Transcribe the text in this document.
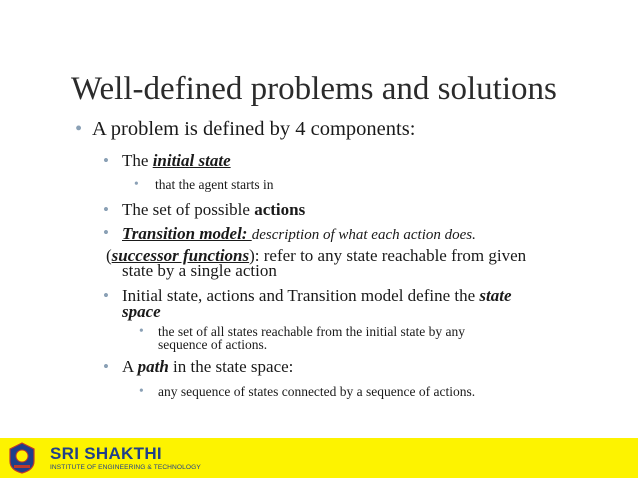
Well-defined problems and solutions
• A problem is defined by 4 components:
• The initial state
• that the agent starts in
• The set of possible actions
• Transition model: description of what each action does.
(successor functions): refer to any state reachable from given
state by a single action
• Initial state, actions and Transition model define the state
space
• the set of all states reachable from the initial state by any
sequence of actions.
• A path in the state space:
• any sequence of states connected by a sequence of actions.
SRI SHAKTHI
INSTITUTE OF ENGINEERING & TECHNOLOGY
